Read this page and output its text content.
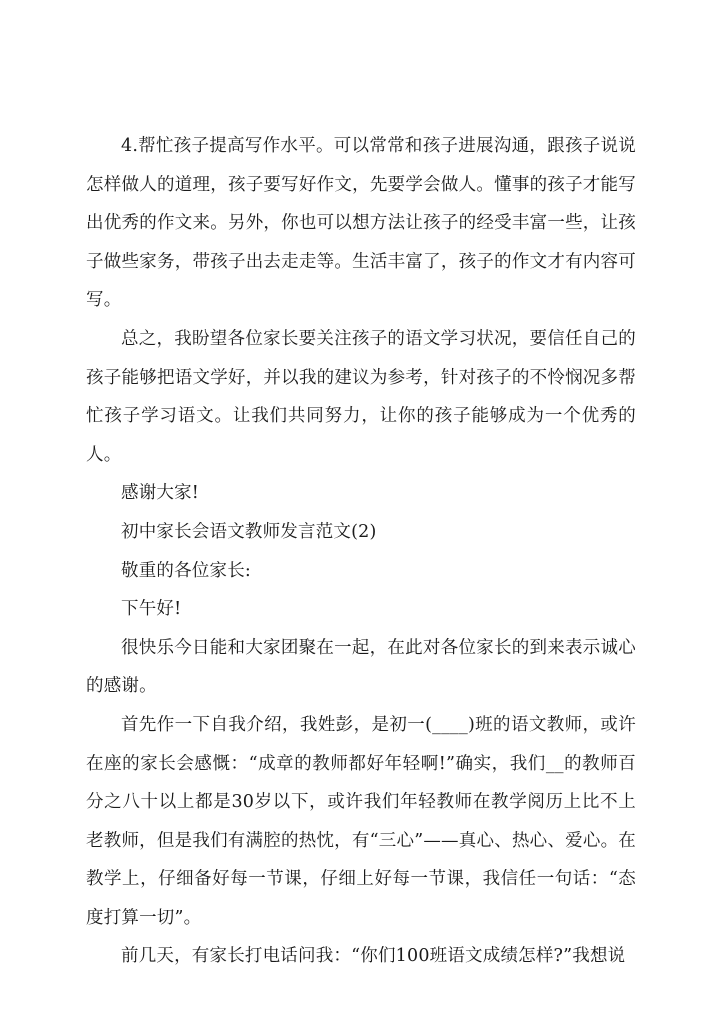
4.帮忙孩子提高写作水平。可以常常和孩子进展沟通，跟孩子说说怎样做人的道理，孩子要写好作文，先要学会做人。懂事的孩子才能写出优秀的作文来。另外，你也可以想方法让孩子的经受丰富一些，让孩子做些家务，带孩子出去走走等。生活丰富了，孩子的作文才有内容可写。

总之，我盼望各位家长要关注孩子的语文学习状况，要信任自己的孩子能够把语文学好，并以我的建议为参考，针对孩子的不怜悯况多帮忙孩子学习语文。让我们共同努力，让你的孩子能够成为一个优秀的人。

感谢大家!

初中家长会语文教师发言范文(2)

敬重的各位家长:

下午好!

很快乐今日能和大家团聚在一起，在此对各位家长的到来表示诚心的感谢。

首先作一下自我介绍，我姓彭，是初一(____)班的语文教师，或许在座的家长会感慨：“成章的教师都好年轻啊!”确实，我们__的教师百分之八十以上都是30岁以下，或许我们年轻教师在教学阅历上比不上老教师，但是我们有满腔的热忱，有“三心”——真心、热心、爱心。在教学上，仔细备好每一节课，仔细上好每一节课，我信任一句话：“态度打算一切”。

前几天，有家长打电话问我：“你们100班语文成绩怎样?”我想说
